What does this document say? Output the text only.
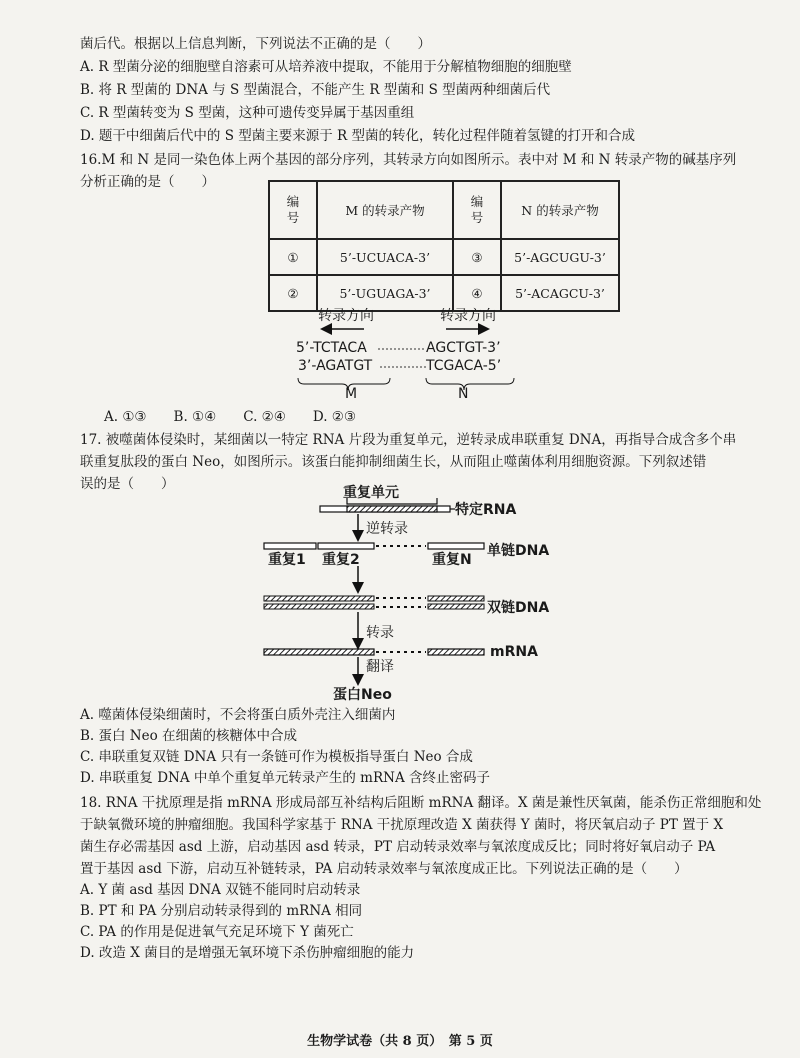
菌后代。根据以上信息判断，下列说法不正确的是（　　）
A. R 型菌分泌的细胞壁自溶素可从培养液中提取，不能用于分解植物细胞的细胞壁
B. 将 R 型菌的 DNA 与 S 型菌混合，不能产生 R 型菌和 S 型菌两种细菌后代
C. R 型菌转变为 S 型菌，这种可遗传变异属于基因重组
D. 题干中细菌后代中的 S 型菌主要来源于 R 型菌的转化，转化过程伴随着氢键的打开和合成
16.M 和 N 是同一染色体上两个基因的部分序列，其转录方向如图所示。表中对 M 和 N 转录产物的碱基序列
分析正确的是（　　）
编号	M 的转录产物	编号	N 的转录产物
①	5’-UCUACA-3’	③	5’-AGCUGU-3’
②	5’-UGUAGA-3’	④	5’-ACAGCU-3’
转录方向	转录方向
5’-TCTACA	AGCTGT-3’
3’-AGATGT	TCGACA-5’
M	N
A. ①③　　B. ①④　　C. ②④　　D. ②③
17. 被噬菌体侵染时，某细菌以一特定 RNA 片段为重复单元，逆转录成串联重复 DNA，再指导合成含多个串
联重复肽段的蛋白 Neo，如图所示。该蛋白能抑制细菌生长，从而阻止噬菌体利用细胞资源。下列叙述错
误的是（　　）
重复单元
特定RNA
逆转录
重复1 重复2	重复N
单链DNA
双链DNA
转录
mRNA
翻译
蛋白Neo
A. 噬菌体侵染细菌时，不会将蛋白质外壳注入细菌内
B. 蛋白 Neo 在细菌的核糖体中合成
C. 串联重复双链 DNA 只有一条链可作为模板指导蛋白 Neo 合成
D. 串联重复 DNA 中单个重复单元转录产生的 mRNA 含终止密码子
18. RNA 干扰原理是指 mRNA 形成局部互补结构后阻断 mRNA 翻译。X 菌是兼性厌氧菌，能杀伤正常细胞和处
于缺氧微环境的肿瘤细胞。我国科学家基于 RNA 干扰原理改造 X 菌获得 Y 菌时，将厌氧启动子 PT 置于 X
菌生存必需基因 asd 上游，启动基因 asd 转录，PT 启动转录效率与氧浓度成反比；同时将好氧启动子 PA
置于基因 asd 下游，启动互补链转录，PA 启动转录效率与氧浓度成正比。下列说法正确的是（　　）
A. Y 菌 asd 基因 DNA 双链不能同时启动转录
B. PT 和 PA 分别启动转录得到的 mRNA 相同
C. PA 的作用是促进氧气充足环境下 Y 菌死亡
D. 改造 X 菌目的是增强无氧环境下杀伤肿瘤细胞的能力
生物学试卷（共 8 页）　第 5 页
